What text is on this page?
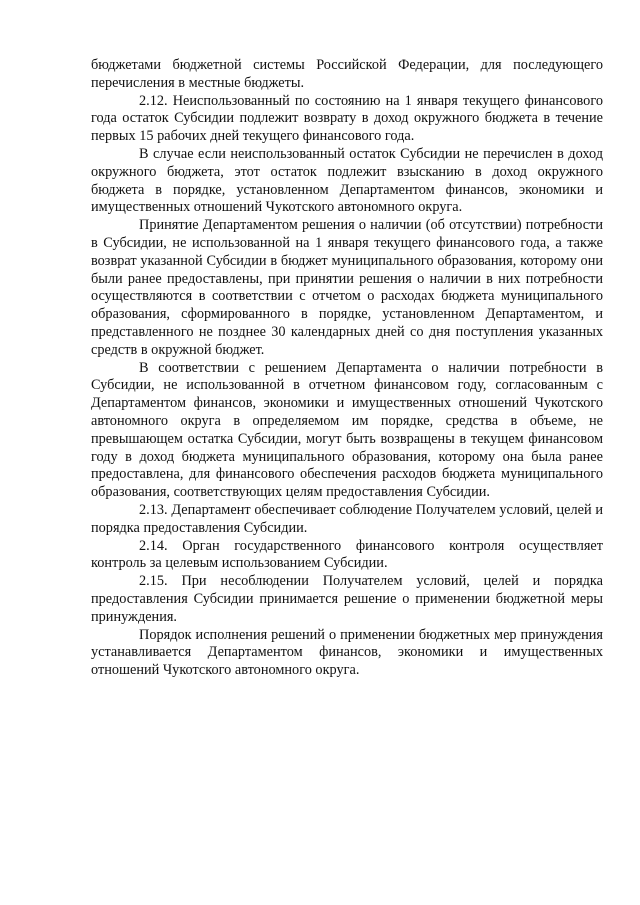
бюджетами бюджетной системы Российской Федерации, для последующего перечисления в местные бюджеты.

2.12. Неиспользованный по состоянию на 1 января текущего финансового года остаток Субсидии подлежит возврату в доход окружного бюджета в течение первых 15 рабочих дней текущего финансового года.

В случае если неиспользованный остаток Субсидии не перечислен в доход окружного бюджета, этот остаток подлежит взысканию в доход окружного бюджета в порядке, установленном Департаментом финансов, экономики и имущественных отношений Чукотского автономного округа.

Принятие Департаментом решения о наличии (об отсутствии) потребности в Субсидии, не использованной на 1 января текущего финансового года, а также возврат указанной Субсидии в бюджет муниципального образования, которому они были ранее предоставлены, при принятии решения о наличии в них потребности осуществляются в соответствии с отчетом о расходах бюджета муниципального образования, сформированного в порядке, установленном Департаментом, и представленного не позднее 30 календарных дней со дня поступления указанных средств в окружной бюджет.

В соответствии с решением Департамента о наличии потребности в Субсидии, не использованной в отчетном финансовом году, согласованным с Департаментом финансов, экономики и имущественных отношений Чукотского автономного округа в определяемом им порядке, средства в объеме, не превышающем остатка Субсидии, могут быть возвращены в текущем финансовом году в доход бюджета муниципального образования, которому она была ранее предоставлена, для финансового обеспечения расходов бюджета муниципального образования, соответствующих целям предоставления Субсидии.

2.13. Департамент обеспечивает соблюдение Получателем условий, целей и порядка предоставления Субсидии.

2.14. Орган государственного финансового контроля осуществляет контроль за целевым использованием Субсидии.

2.15. При несоблюдении Получателем условий, целей и порядка предоставления Субсидии принимается решение о применении бюджетной меры принуждения.

Порядок исполнения решений о применении бюджетных мер принуждения устанавливается Департаментом финансов, экономики и имущественных отношений Чукотского автономного округа.
